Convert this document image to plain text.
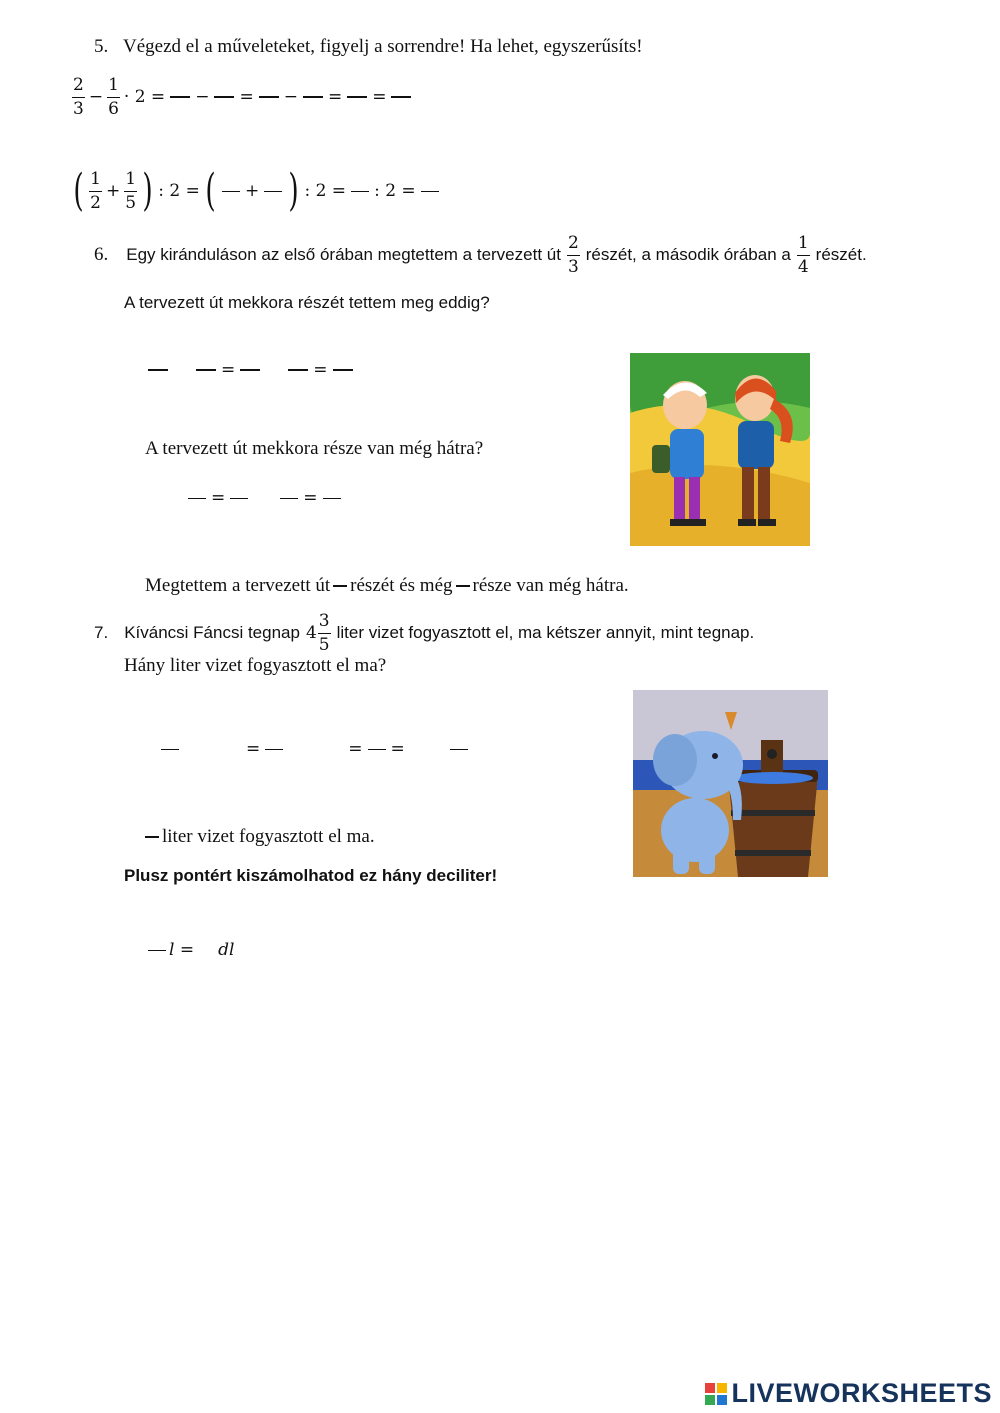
5. Végezd el a műveleteket, figyelj a sorrendre! Ha lehet, egyszerűsíts!
$\frac{2}{3} - \frac{1}{6} \cdot 2$ = − = − = =
( $\frac{1}{2} + \frac{1}{5}$ ) : 2 = ( + ) : 2 = : 2 =
6. Egy kiránduláson az első órában megtettem a tervezett út $\frac{2}{3}$ részét, a második órában a $\frac{1}{4}$ részét.
A tervezett út mekkora részét tettem meg eddig?
=	=
A tervezett út mekkora része van még hátra?
=	=
Megtettem a tervezett út részét és még része van még hátra.
7. Kíváncsi Fáncsi tegnap $4 \frac{3}{5}$ liter vizet fogyasztott el, ma kétszer annyit, mint tegnap.
Hány liter vizet fogyasztott el ma?
=	= =
liter vizet fogyasztott el ma.
Plusz pontért kiszámolhatod ez hány deciliter!
l = dl
LIVEWORKSHEETS
